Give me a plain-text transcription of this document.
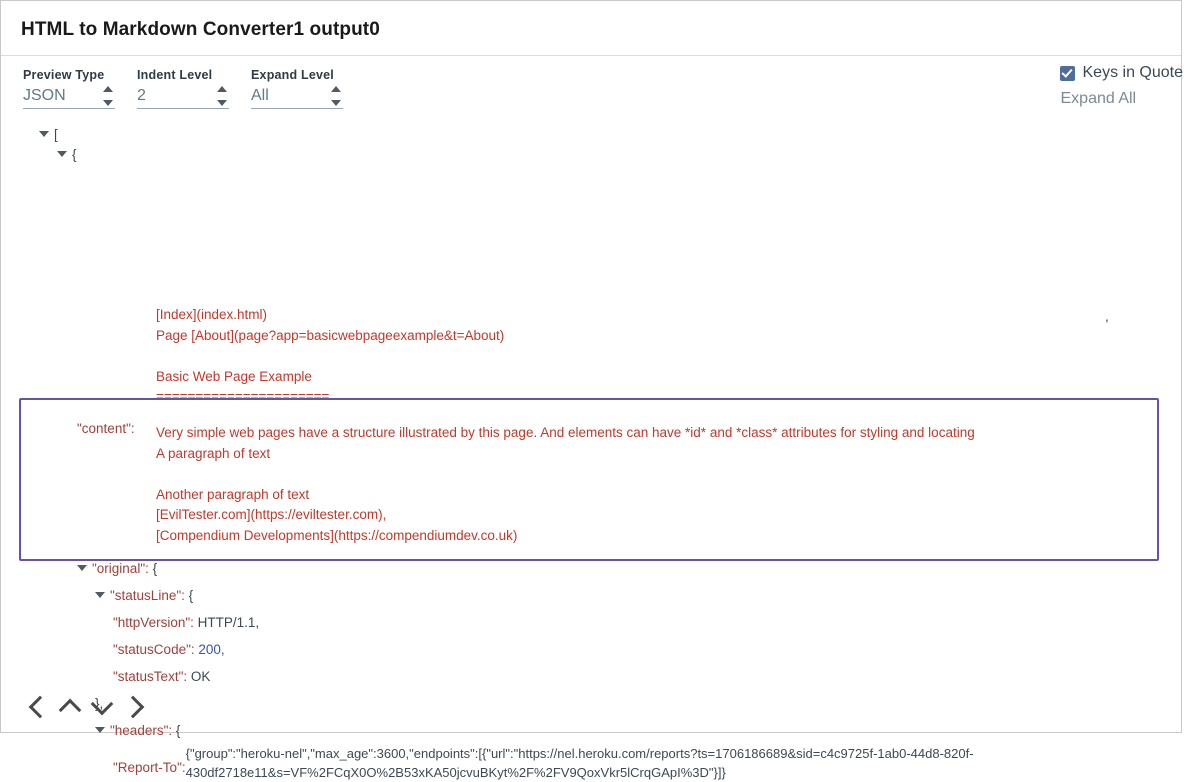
HTML to Markdown Converter1 output0
Preview Type
JSON
Indent Level
2
Expand Level
All
Keys in Quote
Expand All
[
{
[Index](index.html)
Page [About](page?app=basicwebpageexample&t=About)

Basic Web Page Example
======================
,
"content": Very simple web pages have a structure illustrated by this page. And elements can have *id* and *class* attributes for styling and locating
A paragraph of text

Another paragraph of text
[EvilTester.com](https://eviltester.com),
[Compendium Developments](https://compendiumdev.co.uk)
"original": {
"statusLine": {
"httpVersion": HTTP/1.1,
"statusCode": 200,
"statusText": OK
},
"headers": {
"Report-To":
{"group":"heroku-nel","max_age":3600,"endpoints":[{"url":"https://nel.heroku.com/reports?ts=1706186689&sid=c4c9725f-1ab0-44d8-820f-430df2718e11&s=VF%2FCqX0O%2B53xKA50jcvuBKyt%2F%2FV9QoxVkr5lCrqGApI%3D"}]}
